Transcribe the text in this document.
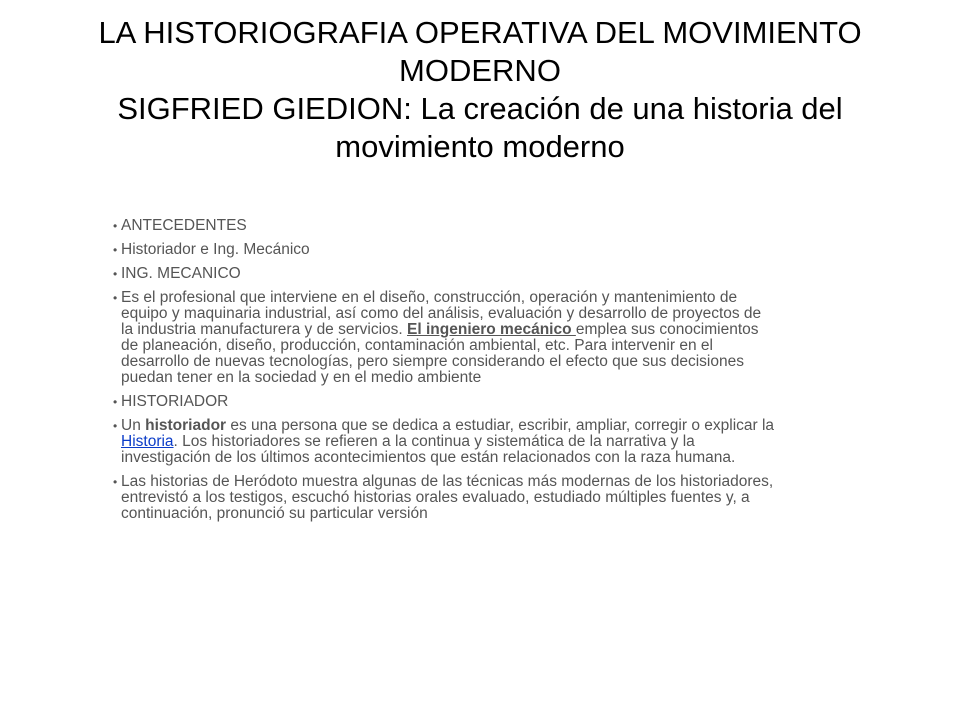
LA HISTORIOGRAFIA OPERATIVA DEL MOVIMIENTO
MODERNO
SIGFRIED GIEDION: La creación de una historia del
movimiento moderno
• ANTECEDENTES
• Historiador e Ing. Mecánico
• ING. MECANICO
• Es el profesional que interviene en el diseño, construcción, operación y mantenimiento de equipo y maquinaria industrial, así como del análisis, evaluación y desarrollo de proyectos de la industria manufacturera y de servicios. El ingeniero mecánico emplea sus conocimientos de planeación, diseño, producción, contaminación ambiental, etc. Para intervenir en el desarrollo de nuevas tecnologías, pero siempre considerando el efecto que sus decisiones puedan tener en la sociedad y en el medio ambiente
• HISTORIADOR
• Un historiador es una persona que se dedica a estudiar, escribir, ampliar, corregir o explicar la Historia. Los historiadores se refieren a la continua y sistemática de la narrativa y la investigación de los últimos acontecimientos que están relacionados con la raza humana.
• Las historias de Heródoto muestra algunas de las técnicas más modernas de los historiadores, entrevistó a los testigos, escuchó historias orales evaluado, estudiado múltiples fuentes y, a continuación, pronunció su particular versión
